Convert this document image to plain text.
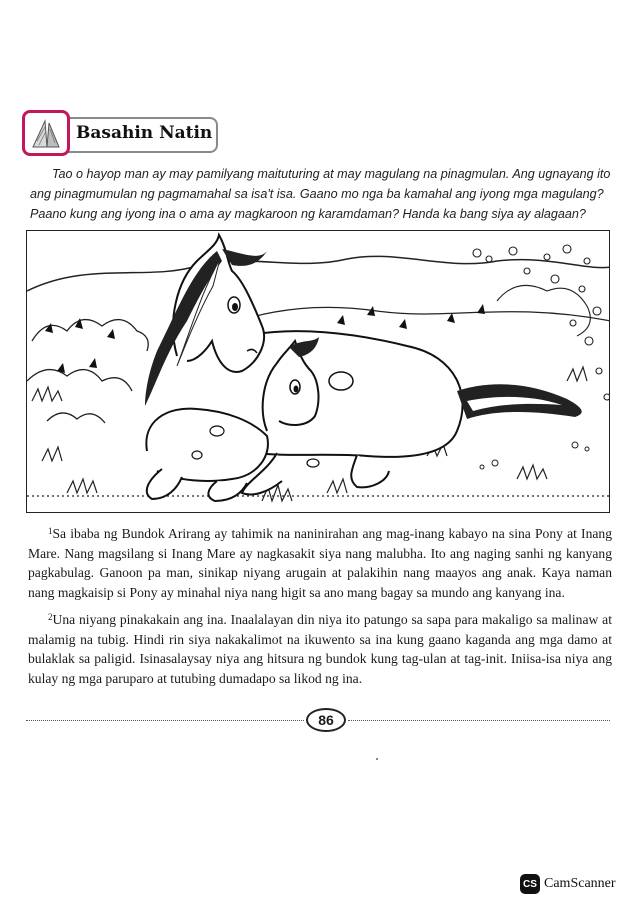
Basahin Natin

Tao o hayop man ay may pamilyang maituturing at may magulang na pinagmulan. Ang ugnayang ito ang pinagmumulan ng pagmamahal sa isa't isa. Gaano mo nga ba kamahal ang iyong mga magulang? Paano kung ang iyong ina o ama ay magkaroon ng karamdaman? Handa ka bang siya ay alagaan?

$^1$Sa ibaba ng Bundok Arirang ay tahimik na naninirahan ang mag-inang kabayo na sina Pony at Inang Mare. Nang magsilang si Inang Mare ay nagkasakit siya nang malubha. Ito ang naging sanhi ng kanyang pagkabulag. Ganoon pa man, sinikap niyang arugain at palakihin nang maayos ang anak. Kaya naman nang magkaisip si Pony ay minahal niya nang higit sa ano mang bagay sa mundo ang kanyang ina.

$^2$Una niyang pinakakain ang ina. Inaalalayan din niya ito patungo sa sapa para makaligo sa malinaw at malamig na tubig. Hindi rin siya nakakalimot na ikuwento sa ina kung gaano kaganda ang mga damo at bulaklak sa paligid. Isinasalaysay niya ang hitsura ng bundok kung tag-ulan at tag-init. Iniisa-isa niya ang kulay ng mga paruparo at tutubing dumadapo sa likod ng ina.

86
CS CamScanner
